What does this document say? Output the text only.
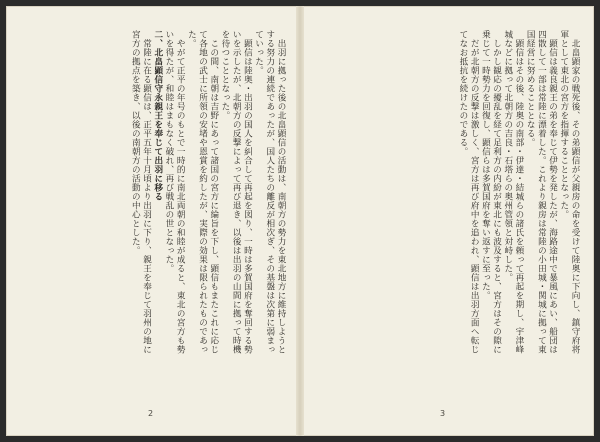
出羽に拠った後の北畠顕信の活動は、南朝方の勢力を東北地方に維持しようとする努力の連続であったが、国人たちの離反が相次ぎ、その基盤は次第に弱まっていった。

顕信は陸奥・出羽の国人を糾合して再起を図り、一時は多賀国府を奪回する勢いを示したが、北朝方の反撃によって再び退き、以後は出羽の山間に拠って時機を待つこととなった。

この間、南朝は吉野にあって諸国の宮方に綸旨を下し、顕信もまたこれに応じて各地の武士に所領の安堵や恩賞を約したが、実際の効果は限られたものであった。

やがて正平の年号のもとで一時的に南北両朝の和睦が成ると、東北の宮方も勢いを得たが、和睦はまもなく破れ、再び戦乱の世となった。

二、北畠顕信守永親王を奉じて出羽に移る

常陸に在る顕信は、正平五年十月頃より出羽に下り、親王を奉じて羽州の地に宮方の拠点を築き、以後の南朝方の活動の中心とした。

2

北畠顕家の戦死後、その弟顕信が父親房の命を受けて陸奥に下向し、鎮守府将軍として東北の宮方を指揮することとなった。

顕信は義良親王の弟を奉じて伊勢を発したが、海路途中で暴風にあい、船団は四散して一部は常陸に漂着した。これより親房は常陸の小田城・関城に拠って東国経営に努めることとなる。

顕信はその後、陸奥の南部・伊達・結城らの諸氏を頼って再起を期し、宇津峰城などに拠って北朝方の吉良・石塔らの奥州管領と対峙した。

しかし観応の擾乱を経て足利方の内紛が東北にも波及すると、宮方はその隙に乗じて一時勢力を回復し、顕信らは多賀国府を奪い返すに至った。

だが北朝方の反撃は激しく、宮方は再び府中を追われ、顕信は出羽方面へ転じてなお抵抗を続けたのである。

3
